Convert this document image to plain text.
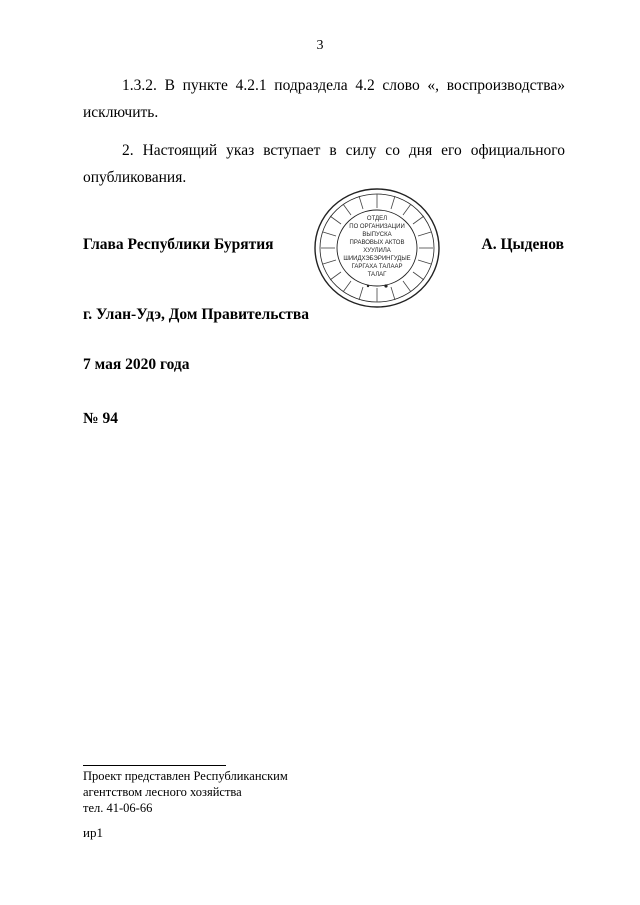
3
1.3.2. В пункте 4.2.1 подраздела 4.2 слово «, воспроизводства» исключить.
2. Настоящий указ вступает в силу со дня его официального опубликования.
Глава Республики Бурятия
ОТДЕЛ
ПО ОРГАНИЗАЦИИ
ВЫПУСКА
ПРАВОВЫХ АКТОВ
ХУУЛИЛА
ШИИДХЭБЭРИНГУДЫЕ
ГАРГАХА ТАЛААР
ТАЛАГ
А. Цыденов
г. Улан-Удэ, Дом Правительства
7 мая 2020 года
№ 94
Проект представлен Республиканским
агентством лесного хозяйства
тел. 41-06-66
ир1
